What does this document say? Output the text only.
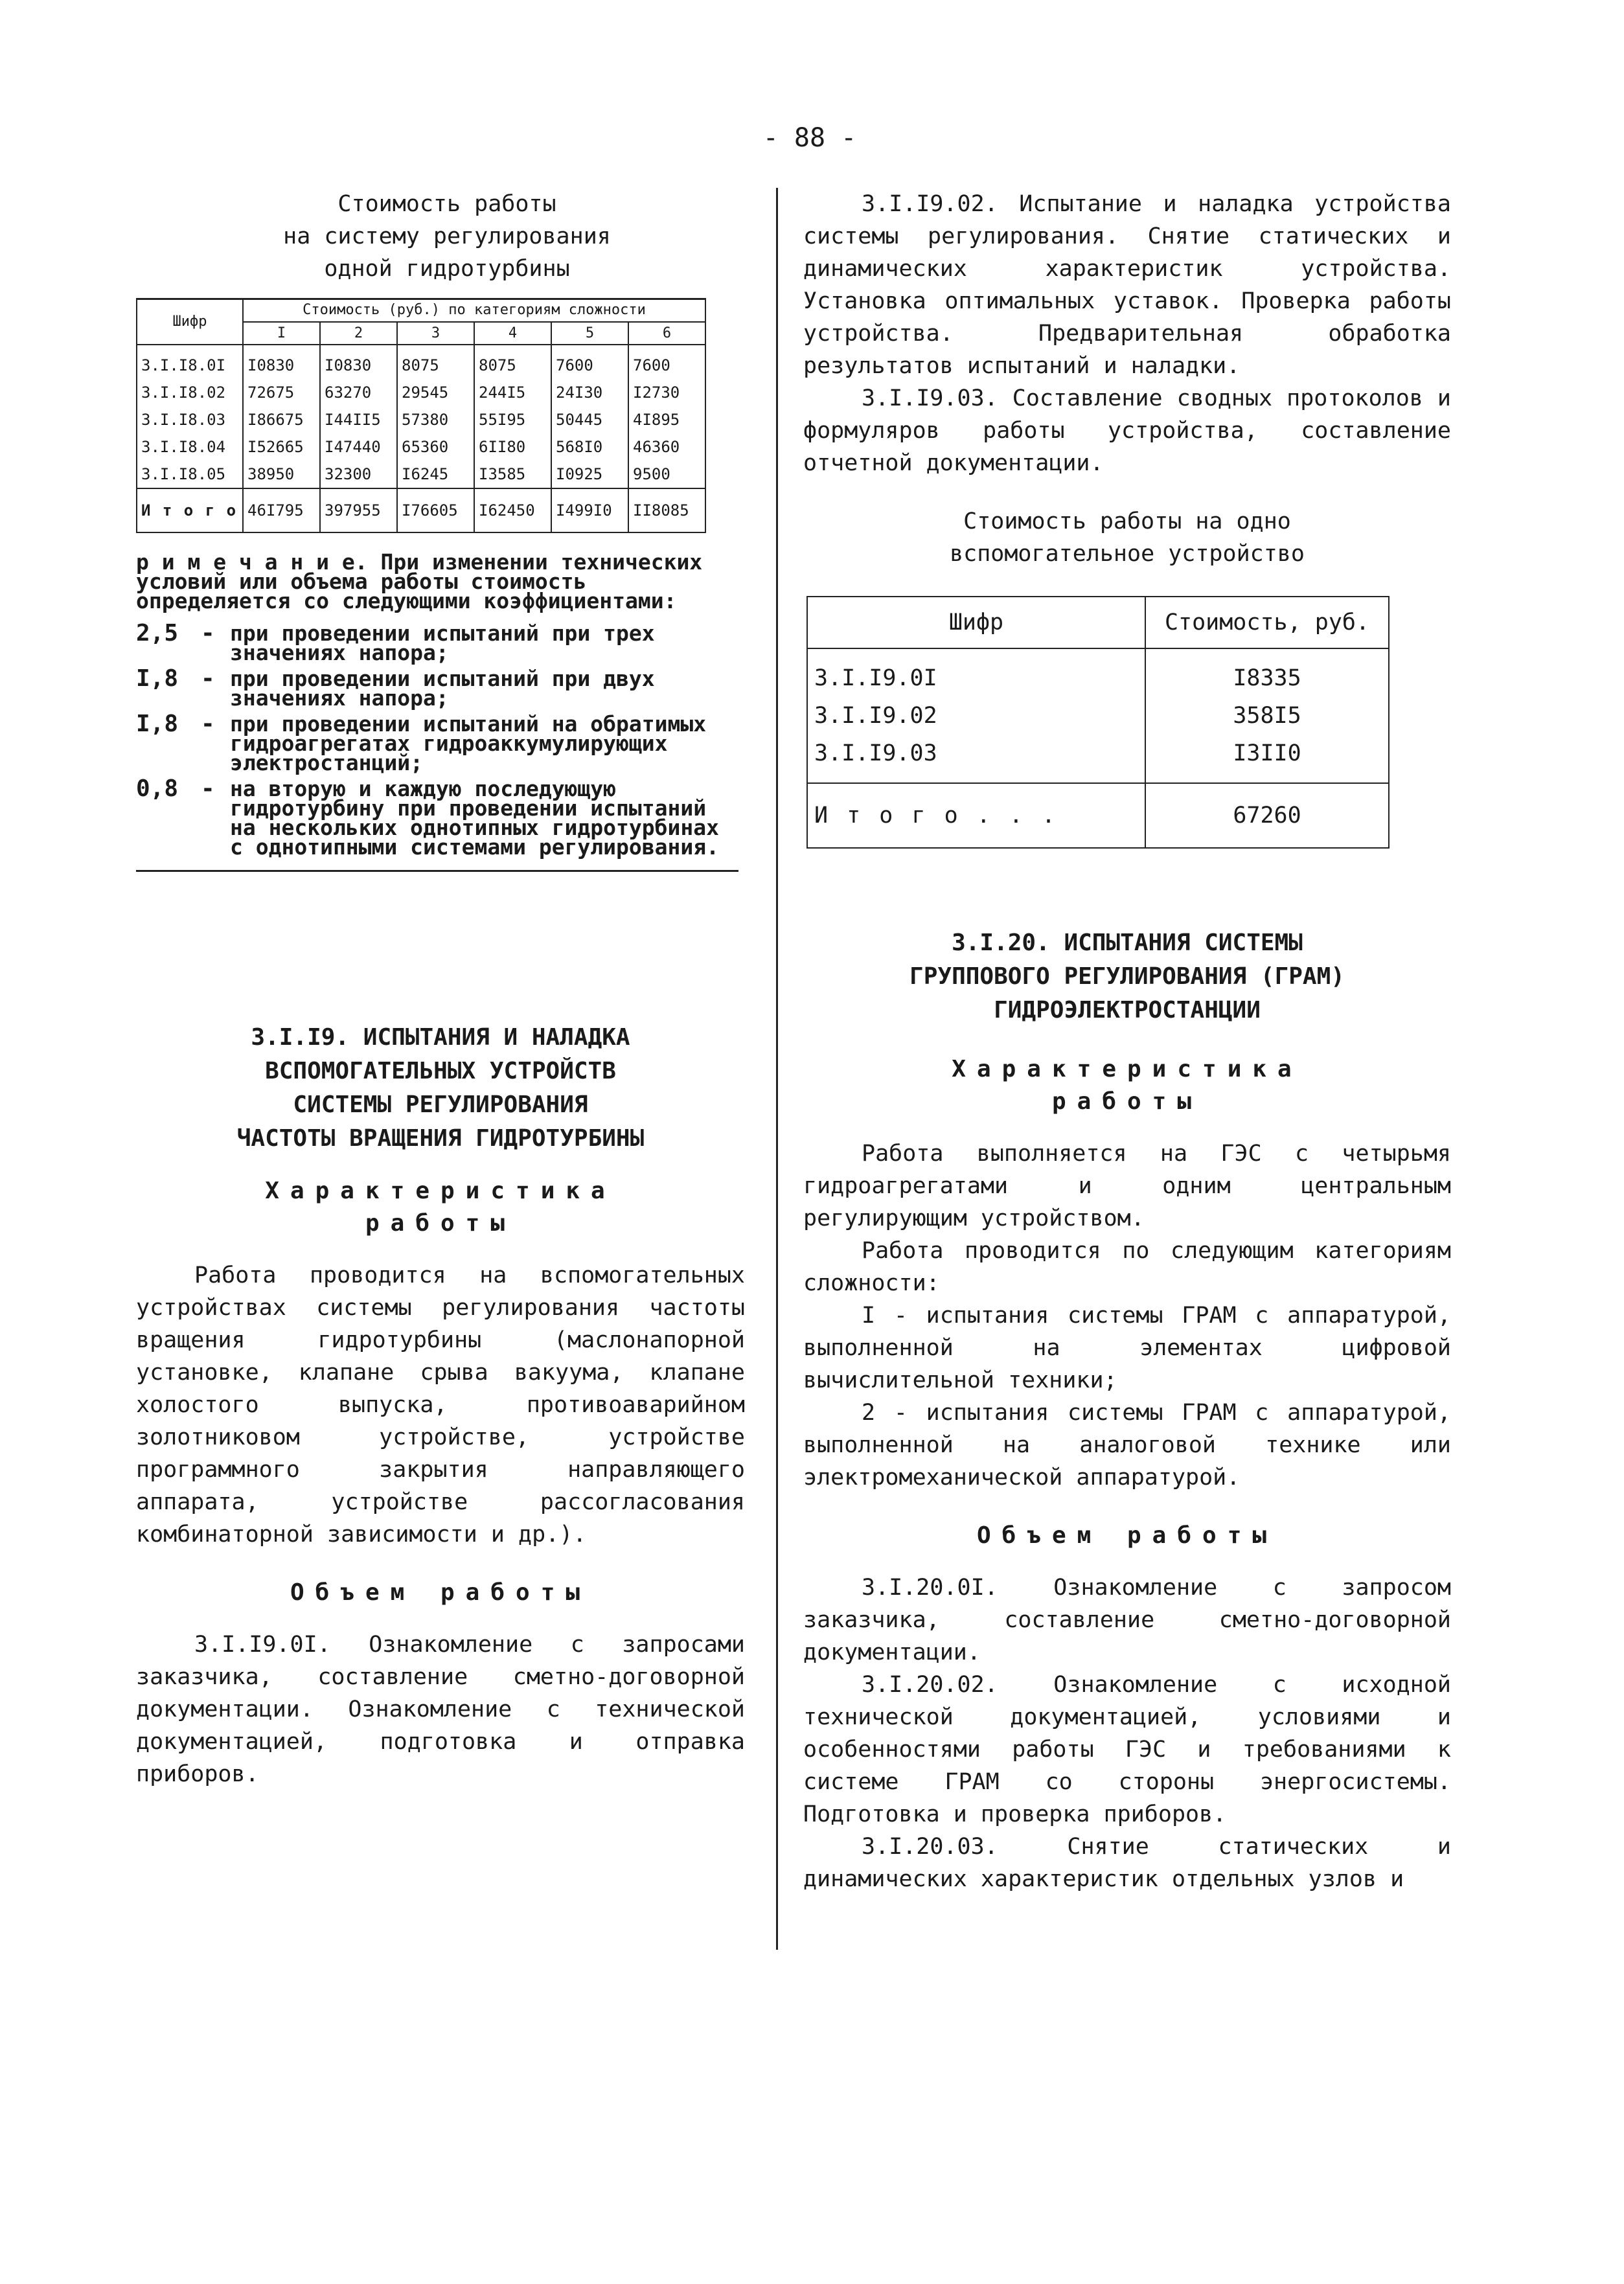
- 88 -
Стоимость работы
на систему регулирования
одной гидротурбины
Шифр	Стоимость (руб.) по категориям сложности					
	I	2	3	4	5	6
3.I.I8.0I	I0830	I0830	8075	8075	7600	7600
3.I.I8.02	72675	63270	29545	244I5	24I30	I2730
3.I.I8.03	I86675	I44II5	57380	55I95	50445	4I895
3.I.I8.04	I52665	I47440	65360	6II80	568I0	46360
3.I.I8.05	38950	32300	I6245	I3585	I0925	9500
И т о г о	46I795	397955	I76605	I62450	I499I0	II8085
р и м е ч а н и е. При изменении технических условий или объема работы стоимость определяется со следующими коэффициентами:
2,5 - при проведении испытаний при трех значениях напора;
I,8 - при проведении испытаний при двух значениях напора;
I,8 - при проведении испытаний на обратимых гидроагрегатах гидроаккумулирующих электростанций;
0,8 - на вторую и каждую последующую гидротурбину при проведении испытаний на нескольких однотипных гидротурбинах с однотипными системами регулирования.
3.I.I9. ИСПЫТАНИЯ И НАЛАДКА
ВСПОМОГАТЕЛЬНЫХ УСТРОЙСТВ
СИСТЕМЫ РЕГУЛИРОВАНИЯ
ЧАСТОТЫ ВРАЩЕНИЯ ГИДРОТУРБИНЫ
Характеристика
работы

Работа проводится на вспомогательных устройствах системы регулирования частоты вращения гидротурбины (маслонапорной установке, клапане срыва вакуума, клапане холостого выпуска, противоаварийном золотниковом устройстве, устройстве программного закрытия направляющего аппарата, устройстве рассогласования комбинаторной зависимости и др.).

Объем работы

3.I.I9.0I. Ознакомление с запросами заказчика, составление сметно-договорной документации. Ознакомление с технической документацией, подготовка и отправка приборов.

3.I.I9.02. Испытание и наладка устройства системы регулирования. Снятие статических и динамических характеристик устройства. Установка оптимальных уставок. Проверка работы устройства. Предварительная обработка результатов испытаний и наладки.

3.I.I9.03. Составление сводных протоколов и формуляров работы устройства, составление отчетной документации.

Стоимость работы на одно
вспомогательное устройство
Шифр	Стоимость, руб.
3.I.I9.0I	I8335
3.I.I9.02	358I5
3.I.I9.03	I3II0
И т о г о . . .	67260
3.I.20. ИСПЫТАНИЯ СИСТЕМЫ
ГРУППОВОГО РЕГУЛИРОВАНИЯ (ГРАМ)
ГИДРОЭЛЕКТРОСТАНЦИИ
Характеристика
работы

Работа выполняется на ГЭС с четырьмя гидроагрегатами и одним центральным регулирующим устройством.

Работа проводится по следующим категориям сложности:

I - испытания системы ГРАМ с аппаратурой, выполненной на элементах цифровой вычислительной техники;

2 - испытания системы ГРАМ с аппаратурой, выполненной на аналоговой технике или электромеханической аппаратурой.

Объем работы

3.I.20.0I. Ознакомление с запросом заказчика, составление сметно-договорной документации.

3.I.20.02. Ознакомление с исходной технической документацией, условиями и особенностями работы ГЭС и требованиями к системе ГРАМ со стороны энергосистемы. Подготовка и проверка приборов.

3.I.20.03. Снятие статических и динамических характеристик отдельных узлов и
